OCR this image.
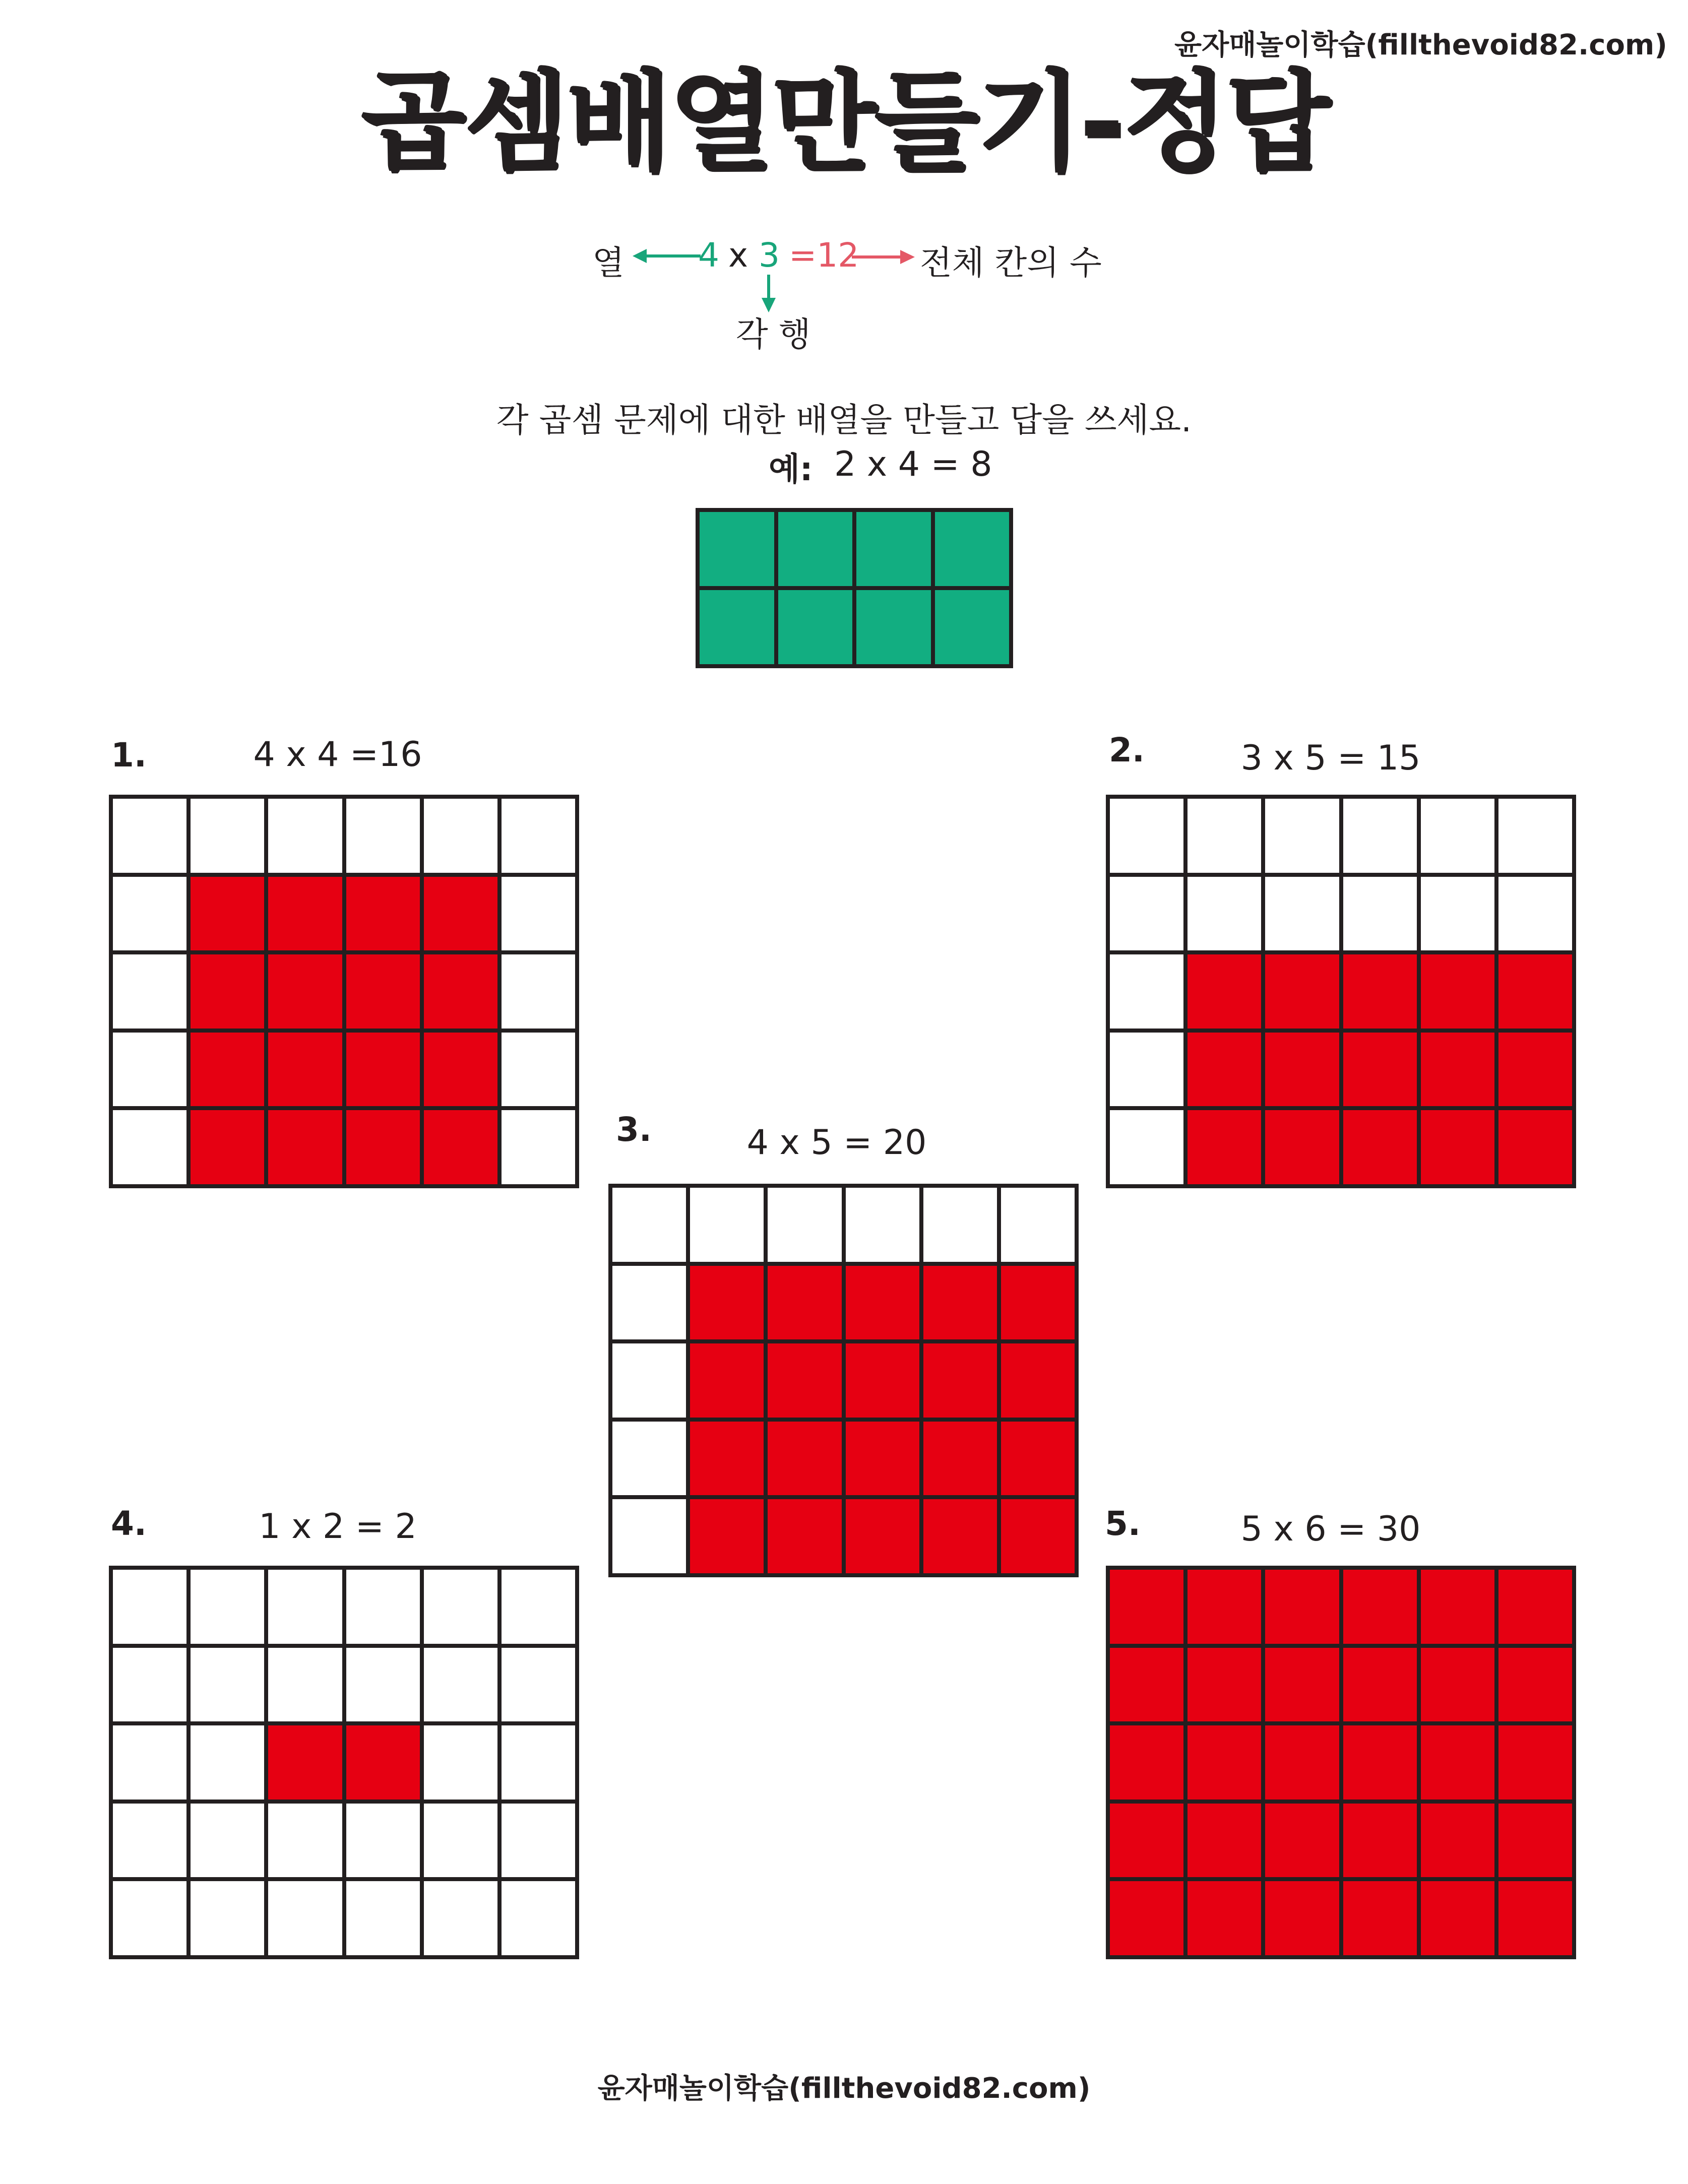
윤자매놀이학습(fillthevoid82.com)
곱셈배열만들기-정답
열 4 x 3 =12 전체 칸의 수
각 행
각 곱셈 문제에 대한 배열을 만들고 답을 쓰세요.
예: 2 x 4 = 8
1.	4 x 4 =16	2.	3 x 5 = 15
3.	4 x 5 = 20
4.	1 x 2 = 2	5.	5 x 6 = 30
윤자매놀이학습(fillthevoid82.com)
